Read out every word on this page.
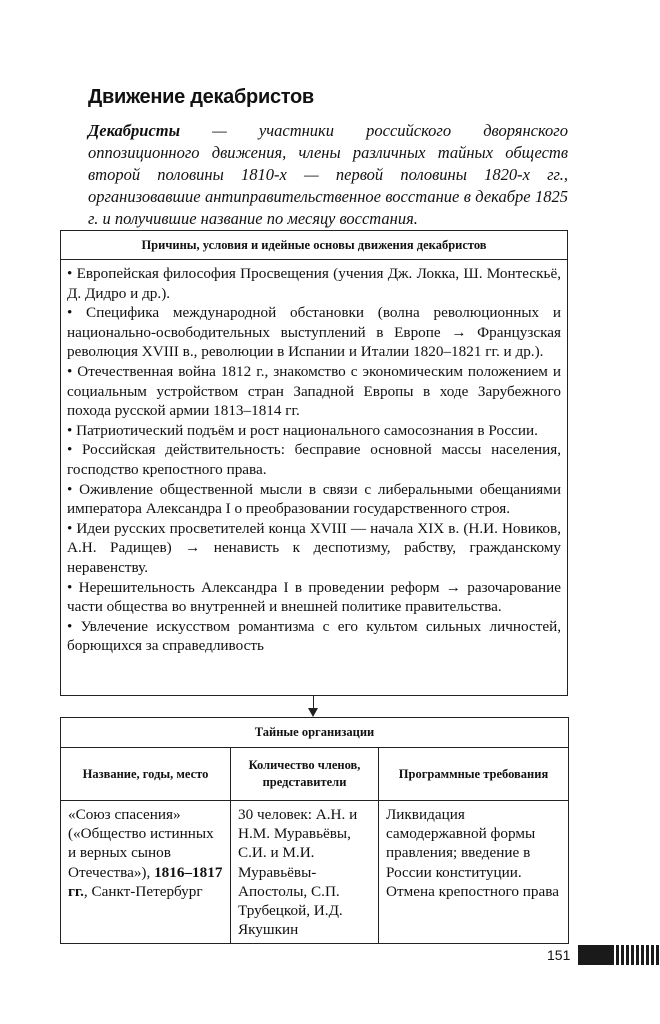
Движение декабристов

Декабристы — участники российского дворянского оппозиционного движения, члены различных тайных обществ второй половины 1810-х — первой половины 1820-х гг., организовавшие антиправительственное восстание в декабре 1825 г. и получившие название по месяцу восстания.

Причины, условия и идейные основы движения декабристов

• Европейская философия Просвещения (учения Дж. Локка, Ш. Монтескьё, Д. Дидро и др.).

• Специфика международной обстановки (волна революционных и национально-освободительных выступлений в Европе → Французская революция XVIII в., революции в Испании и Италии 1820–1821 гг. и др.).

• Отечественная война 1812 г., знакомство с экономическим положением и социальным устройством стран Западной Европы в ходе Зарубежного похода русской армии 1813–1814 гг.

• Патриотический подъём и рост национального самосознания в России.

• Российская действительность: бесправие основной массы населения, господство крепостного права.

• Оживление общественной мысли в связи с либеральными обещаниями императора Александра I о преобразовании государственного строя.

• Идеи русских просветителей конца XVIII — начала XIX в. (Н.И. Новиков, А.Н. Радищев) → ненависть к деспотизму, рабству, гражданскому неравенству.

• Нерешительность Александра I в проведении реформ → разочарование части общества во внутренней и внешней политике правительства.

• Увлечение искусством романтизма с его культом сильных личностей, борющихся за справедливость

Тайные организации		
Название, годы, место	Количество членов, представители	Программные требования
«Союз спасения» («Общество истинных и верных сынов Отечества»), 1816–1817 гг., Санкт-Петербург	30 человек: А.Н. и Н.М. Муравьёвы, С.И. и М.И. Муравьёвы-Апостолы, С.П. Трубецкой, И.Д. Якушкин	Ликвидация самодержавной формы правления; введение в России конституции.
Отмена крепостного права
151
